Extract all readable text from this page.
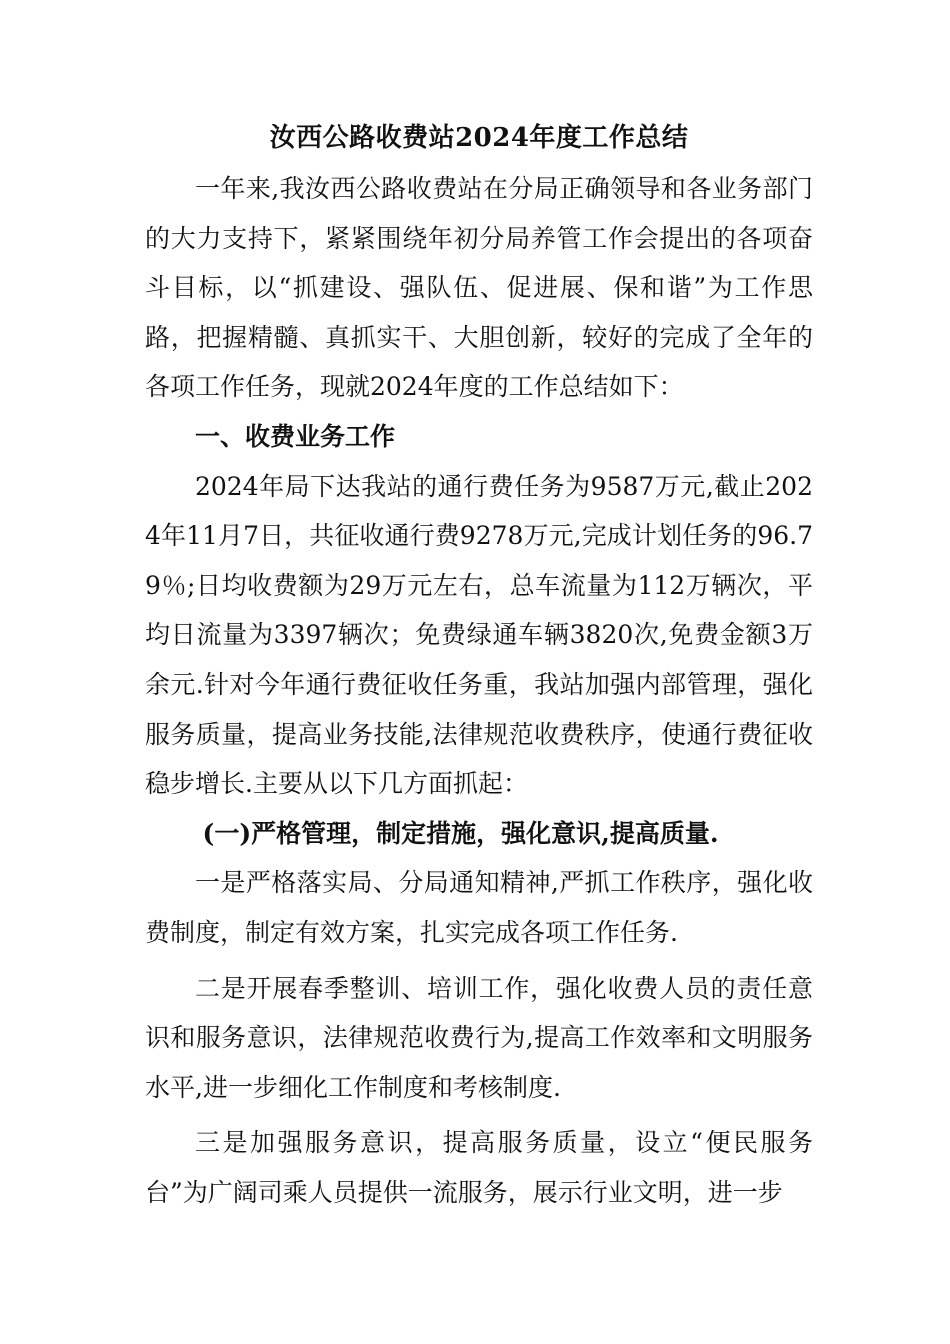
汝西公路收费站2024年度工作总结

一年来,我汝西公路收费站在分局正确领导和各业务部门的大力支持下，紧紧围绕年初分局养管工作会提出的各项奋斗目标，以“抓建设、强队伍、促进展、保和谐”为工作思路，把握精髓、真抓实干、大胆创新，较好的完成了全年的各项工作任务，现就2024年度的工作总结如下：

一、收费业务工作

2024年局下达我站的通行费任务为9587万元,截止2024年11月7日，共征收通行费9278万元,完成计划任务的96.79％;日均收费额为29万元左右，总车流量为112万辆次，平均日流量为3397辆次；免费绿通车辆3820次,免费金额3万余元.针对今年通行费征收任务重，我站加强内部管理，强化服务质量，提高业务技能,法律规范收费秩序，使通行费征收稳步增长.主要从以下几方面抓起：

(一)严格管理，制定措施，强化意识,提高质量.

一是严格落实局、分局通知精神,严抓工作秩序，强化收费制度，制定有效方案，扎实完成各项工作任务.

二是开展春季整训、培训工作，强化收费人员的责任意识和服务意识，法律规范收费行为,提高工作效率和文明服务水平,进一步细化工作制度和考核制度.

三是加强服务意识，提高服务质量，设立“便民服务台”为广阔司乘人员提供一流服务，展示行业文明，进一步
